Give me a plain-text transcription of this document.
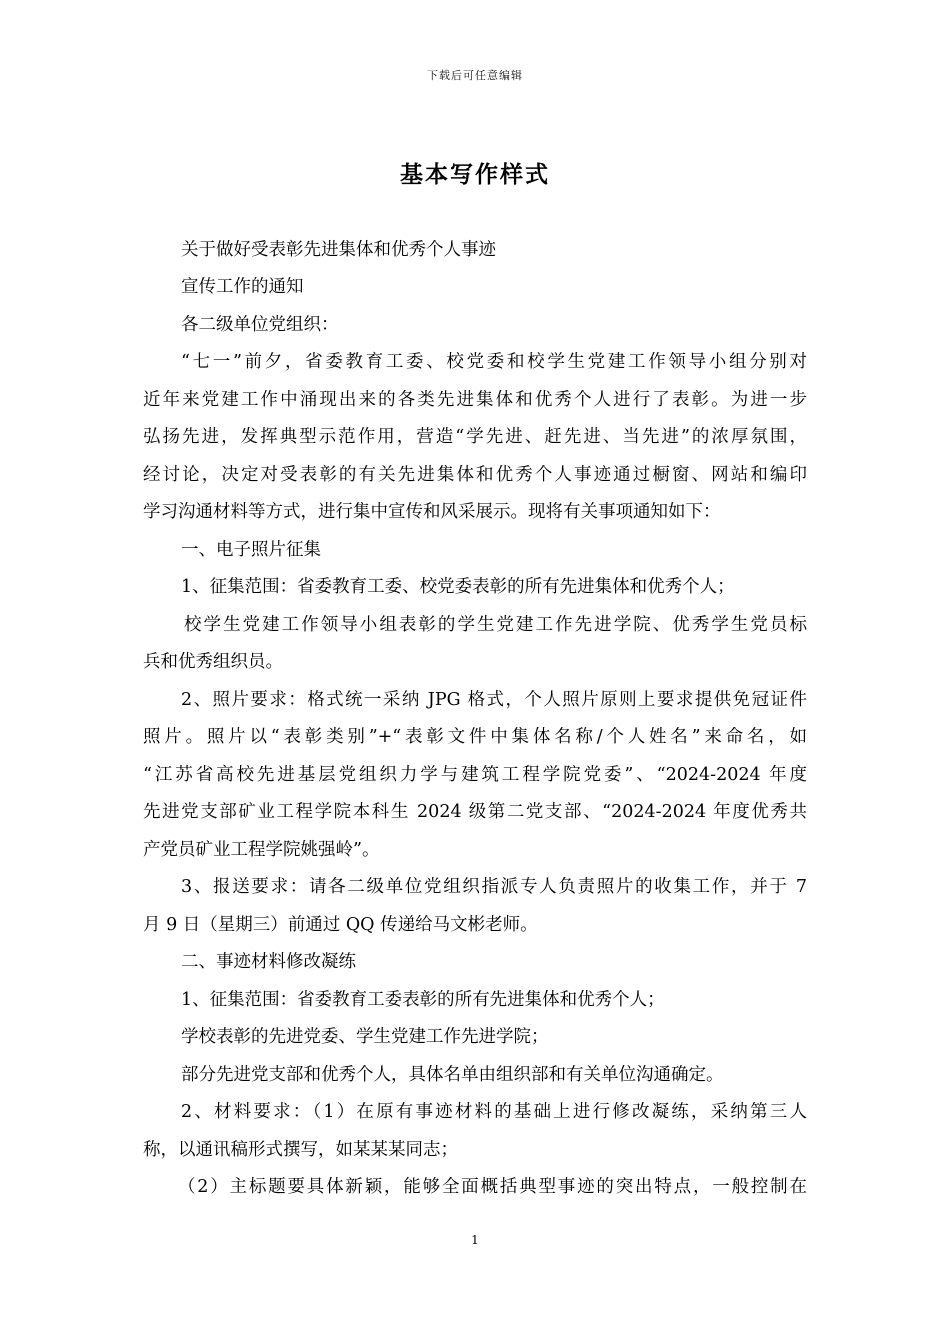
下载后可任意编辑
基本写作样式
关于做好受表彰先进集体和优秀个人事迹
宣传工作的通知
各二级单位党组织：
“七一”前夕，省委教育工委、校党委和校学生党建工作领导小组分别对
近年来党建工作中涌现出来的各类先进集体和优秀个人进行了表彰。为进一步
弘扬先进，发挥典型示范作用，营造“学先进、赶先进、当先进”的浓厚氛围，
经讨论，决定对受表彰的有关先进集体和优秀个人事迹通过橱窗、网站和编印
学习沟通材料等方式，进行集中宣传和风采展示。现将有关事项通知如下：
一、电子照片征集
1、征集范围：省委教育工委、校党委表彰的所有先进集体和优秀个人；
校学生党建工作领导小组表彰的学生党建工作先进学院、优秀学生党员标
兵和优秀组织员。
2、照片要求：格式统一采纳 JPG 格式，个人照片原则上要求提供免冠证件
照片。照片以“表彰类别”+“表彰文件中集体名称/个人姓名”来命名，如
“江苏省高校先进基层党组织力学与建筑工程学院党委”、“2024-2024 年度
先进党支部矿业工程学院本科生 2024 级第二党支部、“2024-2024 年度优秀共
产党员矿业工程学院姚强岭”。
3、报送要求：请各二级单位党组织指派专人负责照片的收集工作，并于 7
月 9 日（星期三）前通过 QQ 传递给马文彬老师。
二、事迹材料修改凝练
1、征集范围：省委教育工委表彰的所有先进集体和优秀个人；
学校表彰的先进党委、学生党建工作先进学院；
部分先进党支部和优秀个人，具体名单由组织部和有关单位沟通确定。
2、材料要求：（1）在原有事迹材料的基础上进行修改凝练，采纳第三人
称，以通讯稿形式撰写，如某某某同志；
（2）主标题要具体新颖，能够全面概括典型事迹的突出特点，一般控制在
1
